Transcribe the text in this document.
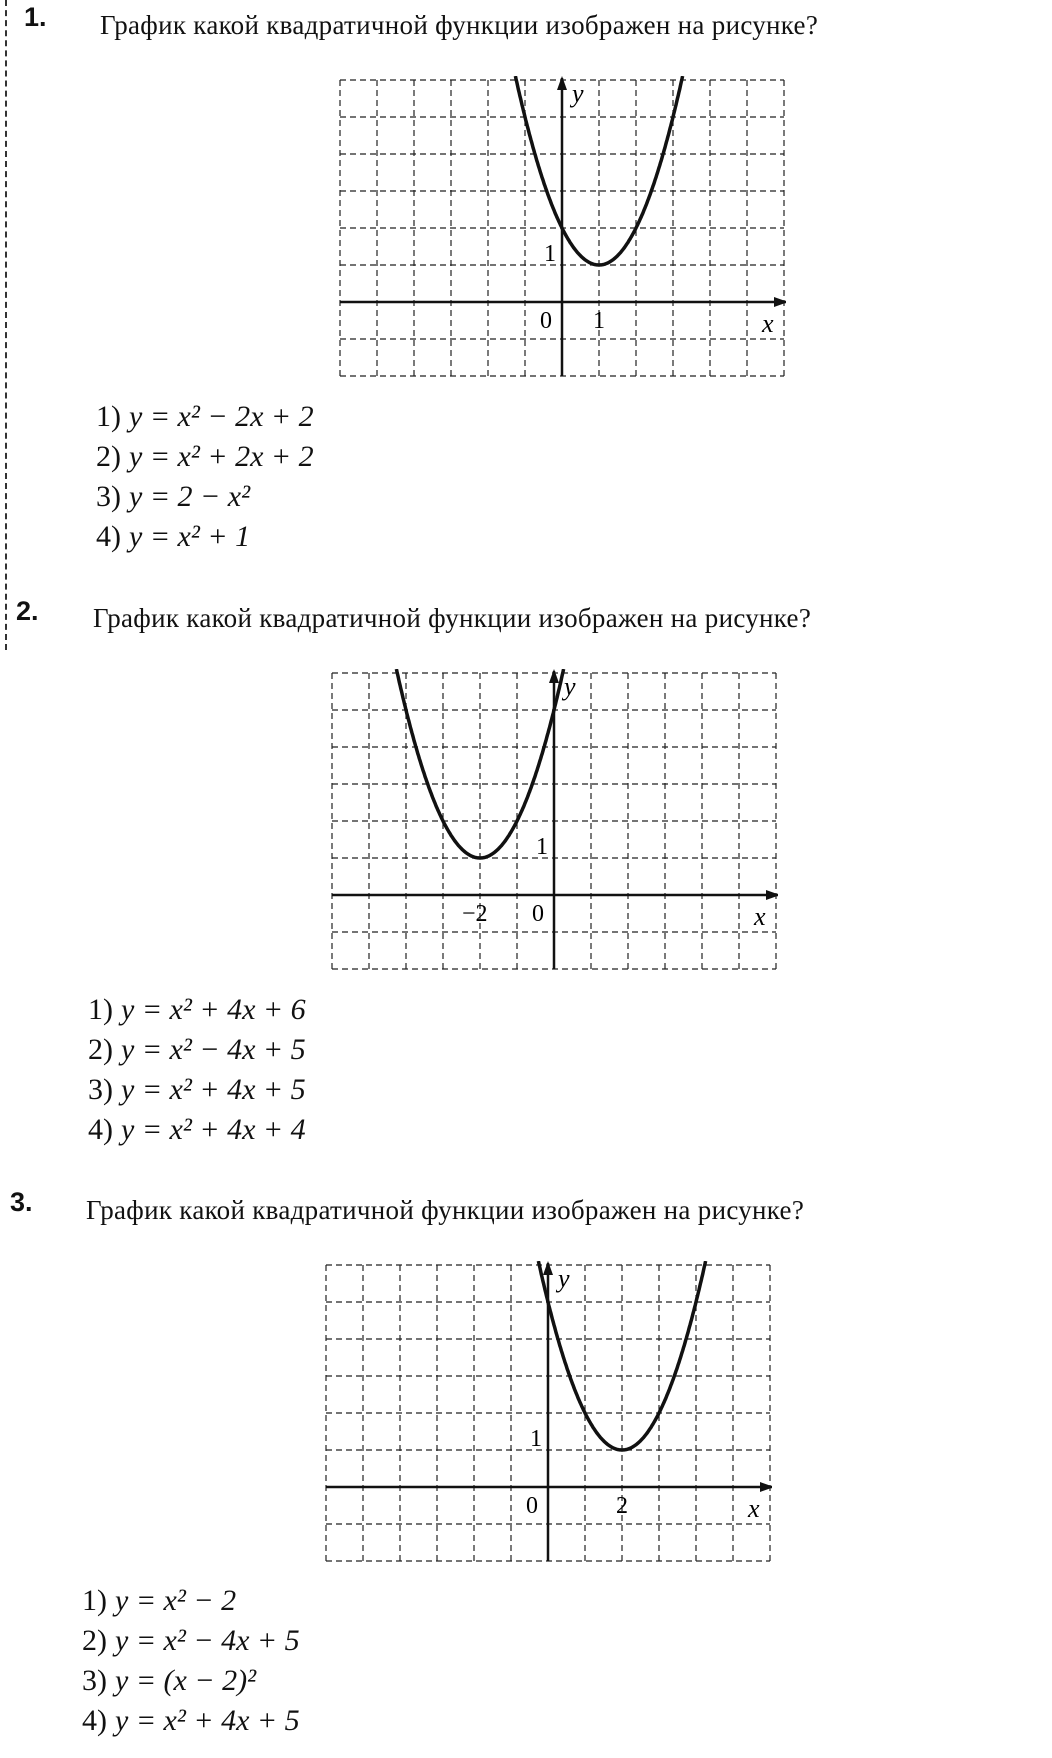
1. График какой квадратичной функции изображен на рисунке?
x
y
0 1
1
1) y = x² − 2x + 2
2) y = x² + 2x + 2
3) y = 2 − x²
4) y = x² + 1
2. График какой квадратичной функции изображен на рисунке?
x
y
0
−2
1
1) y = x² + 4x + 6
2) y = x² − 4x + 5
3) y = x² + 4x + 5
4) y = x² + 4x + 4
3. График какой квадратичной функции изображен на рисунке?
x
y
0	2
1
1) y = x² − 2
2) y = x² − 4x + 5
3) y = (x − 2)²
4) y = x² + 4x + 5
